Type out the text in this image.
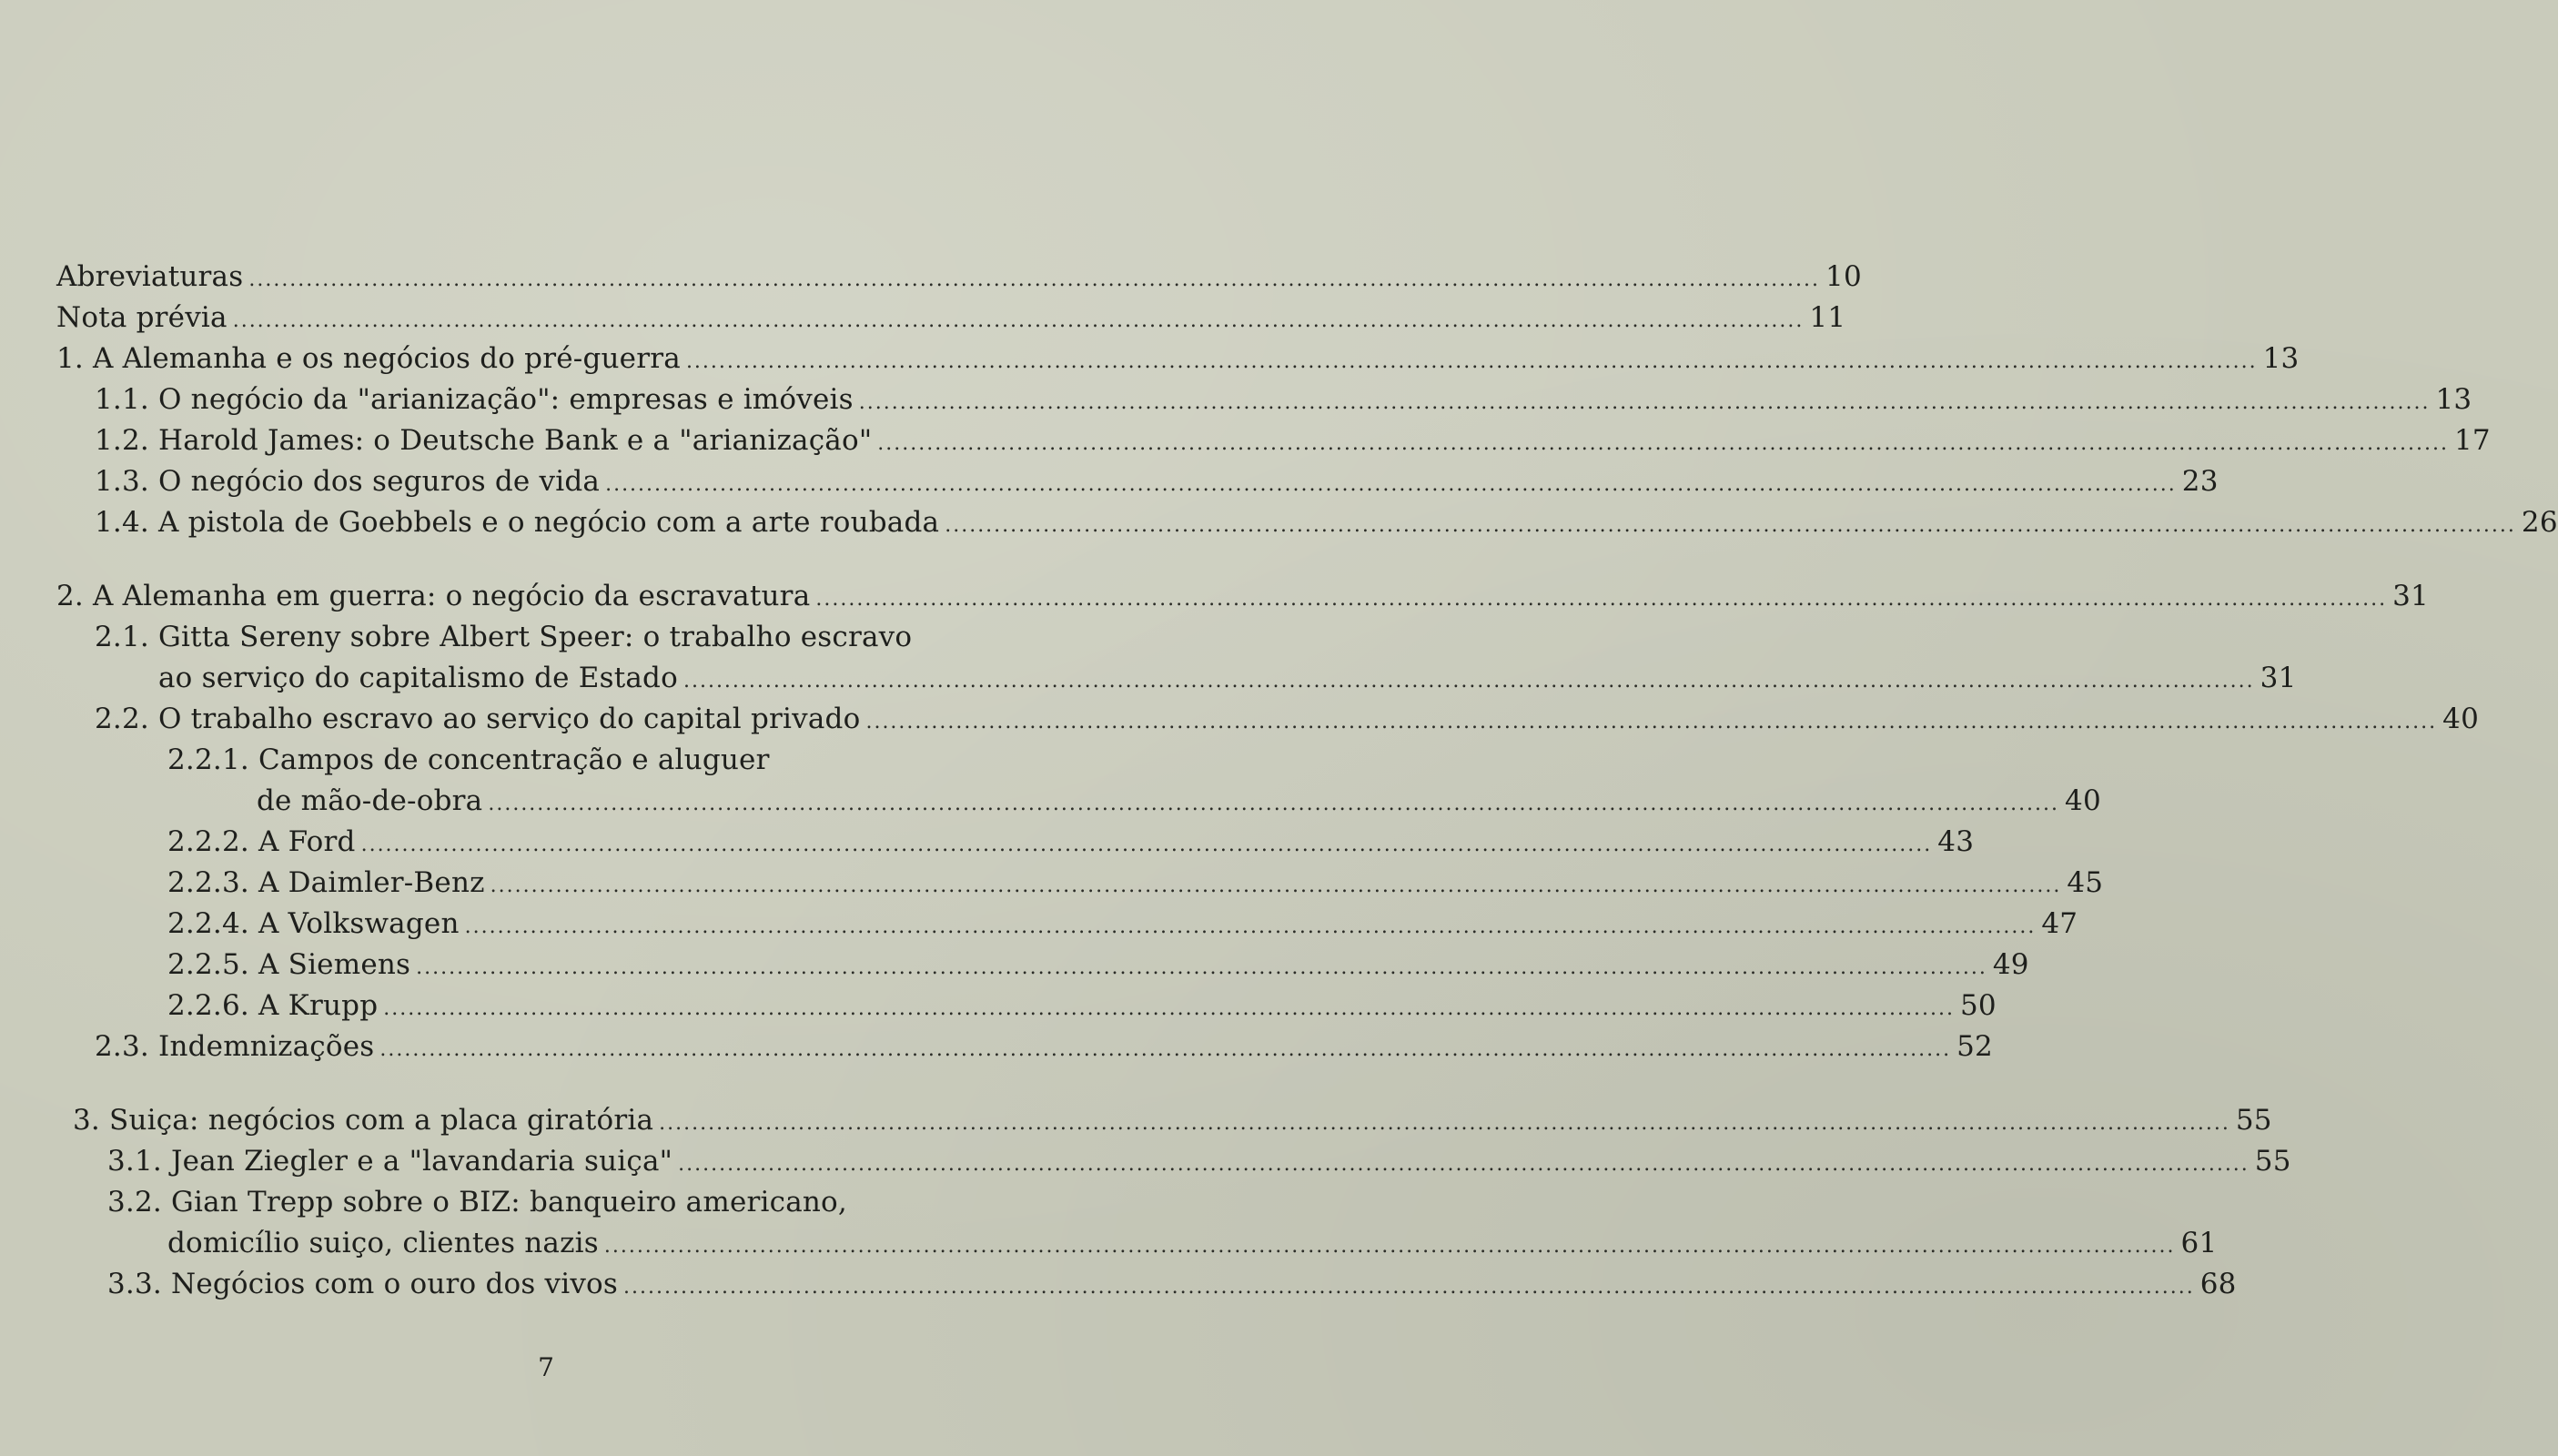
Abreviaturas .....	10
Nota prévia .....	11
1. A Alemanha e os negócios do pré-guerra .....	13
1.1. O negócio da "arianização": empresas e imóveis .....	13
1.2. Harold James: o Deutsche Bank e a "arianização" .....	17
1.3. O negócio dos seguros de vida .....	23
1.4. A pistola de Goebbels e o negócio com a arte roubada .....	26
2. A Alemanha em guerra: o negócio da escravatura .....	31
2.1. Gitta Sereny sobre Albert Speer: o trabalho escravo
ao serviço do capitalismo de Estado .....	31
2.2. O trabalho escravo ao serviço do capital privado .....	40
2.2.1. Campos de concentração e aluguer
de mão-de-obra .....	40
2.2.2. A Ford .....	43
2.2.3. A Daimler-Benz .....	45
2.2.4. A Volkswagen .....	47
2.2.5. A Siemens .....	49
2.2.6. A Krupp .....	50
2.3. Indemnizações .....	52
3. Suiça: negócios com a placa giratória .....	55
3.1. Jean Ziegler e a "lavandaria suiça" .....	55
3.2. Gian Trepp sobre o BIZ: banqueiro americano,
domicílio suiço, clientes nazis .....	61
3.3. Negócios com o ouro dos vivos .....	68
7
